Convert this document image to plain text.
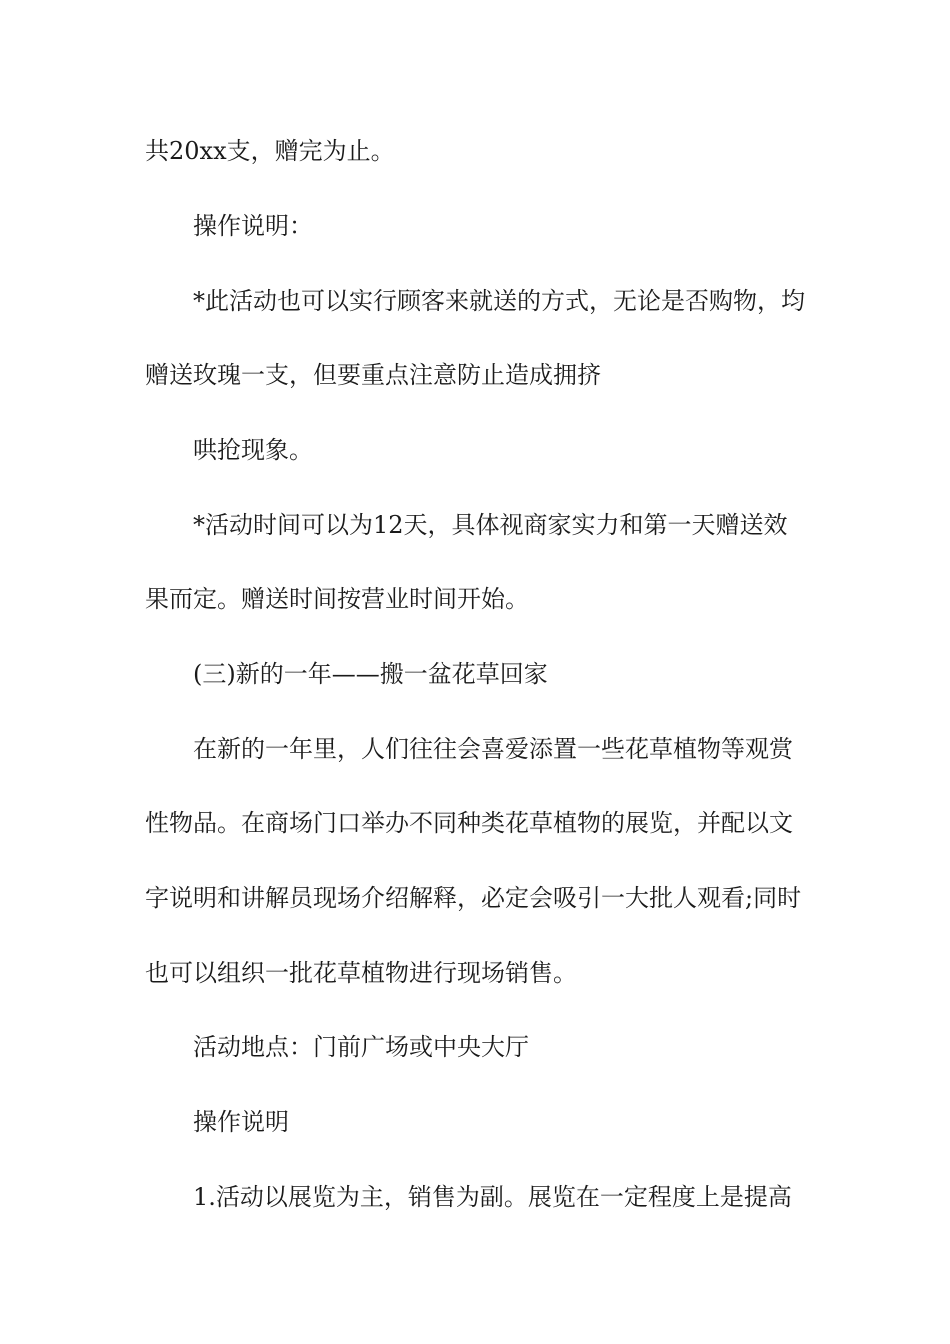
共20xx支，赠完为止。
操作说明：
*此活动也可以实行顾客来就送的方式，无论是否购物，均
赠送玫瑰一支，但要重点注意防止造成拥挤
哄抢现象。
*活动时间可以为12天，具体视商家实力和第一天赠送效
果而定。赠送时间按营业时间开始。
(三)新的一年——搬一盆花草回家
在新的一年里，人们往往会喜爱添置一些花草植物等观赏
性物品。在商场门口举办不同种类花草植物的展览，并配以文
字说明和讲解员现场介绍解释，必定会吸引一大批人观看;同时
也可以组织一批花草植物进行现场销售。
活动地点：门前广场或中央大厅
操作说明
1.活动以展览为主，销售为副。展览在一定程度上是提高
